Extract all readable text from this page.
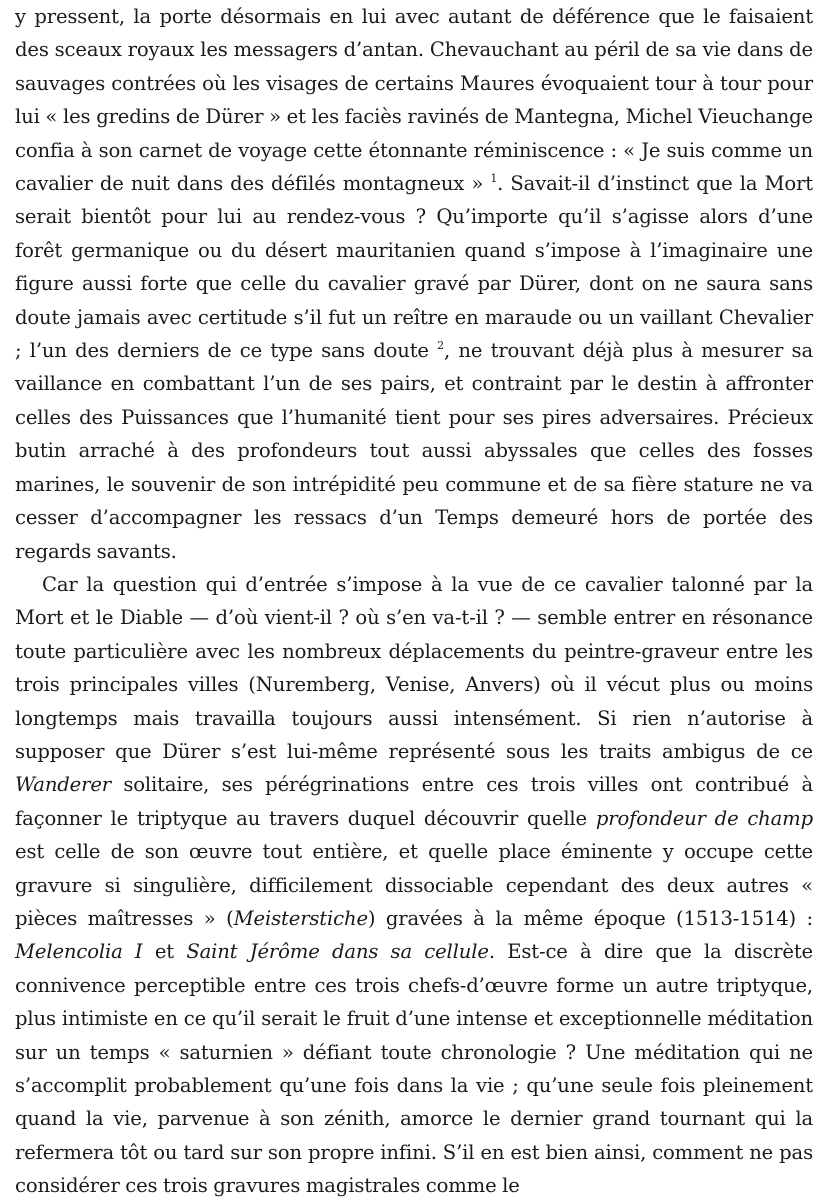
y pressent, la porte désormais en lui avec autant de déférence que le faisaient des sceaux royaux les messagers d’antan. Chevauchant au péril de sa vie dans de sauvages contrées où les visages de certains Maures évoquaient tour à tour pour lui « les gredins de Dürer » et les faciès ravinés de Mantegna, Michel Vieuchange confia à son carnet de voyage cette étonnante réminiscence : « Je suis comme un cavalier de nuit dans des défilés montagneux » $^1$. Savait-il d’instinct que la Mort serait bientôt pour lui au rendez-vous ? Qu’importe qu’il s’agisse alors d’une forêt germanique ou du désert mauritanien quand s’impose à l’imaginaire une figure aussi forte que celle du cavalier gravé par Dürer, dont on ne saura sans doute jamais avec certitude s’il fut un reître en maraude ou un vaillant Chevalier ; l’un des derniers de ce type sans doute $^2$, ne trouvant déjà plus à mesurer sa vaillance en combattant l’un de ses pairs, et contraint par le destin à affronter celles des Puissances que l’humanité tient pour ses pires adversaires. Précieux butin arraché à des profondeurs tout aussi abyssales que celles des fosses marines, le souvenir de son intrépidité peu commune et de sa fière stature ne va cesser d’accompagner les ressacs d’un Temps demeuré hors de portée des regards savants.

Car la question qui d’entrée s’impose à la vue de ce cavalier talonné par la Mort et le Diable — d’où vient-il ? où s’en va-t-il ? — semble entrer en résonance toute particulière avec les nombreux déplacements du peintre-graveur entre les trois principales villes (Nuremberg, Venise, Anvers) où il vécut plus ou moins longtemps mais travailla toujours aussi intensément. Si rien n’autorise à supposer que Dürer s’est lui-même représenté sous les traits ambigus de ce Wanderer solitaire, ses pérégrinations entre ces trois villes ont contribué à façonner le triptyque au travers duquel découvrir quelle profondeur de champ est celle de son œuvre tout entière, et quelle place éminente y occupe cette gravure si singulière, difficilement dissociable cependant des deux autres « pièces maîtresses » (Meisterstiche) gravées à la même époque (1513-1514) : Melencolia I et Saint Jérôme dans sa cellule. Est-ce à dire que la discrète connivence perceptible entre ces trois chefs-d’œuvre forme un autre triptyque, plus intimiste en ce qu’il serait le fruit d’une intense et exceptionnelle méditation sur un temps « saturnien » défiant toute chronologie ? Une méditation qui ne s’accomplit probablement qu’une fois dans la vie ; qu’une seule fois pleinement quand la vie, parvenue à son zénith, amorce le dernier grand tournant qui la refermera tôt ou tard sur son propre infini. S’il en est bien ainsi, comment ne pas considérer ces trois gravures magistrales comme le
